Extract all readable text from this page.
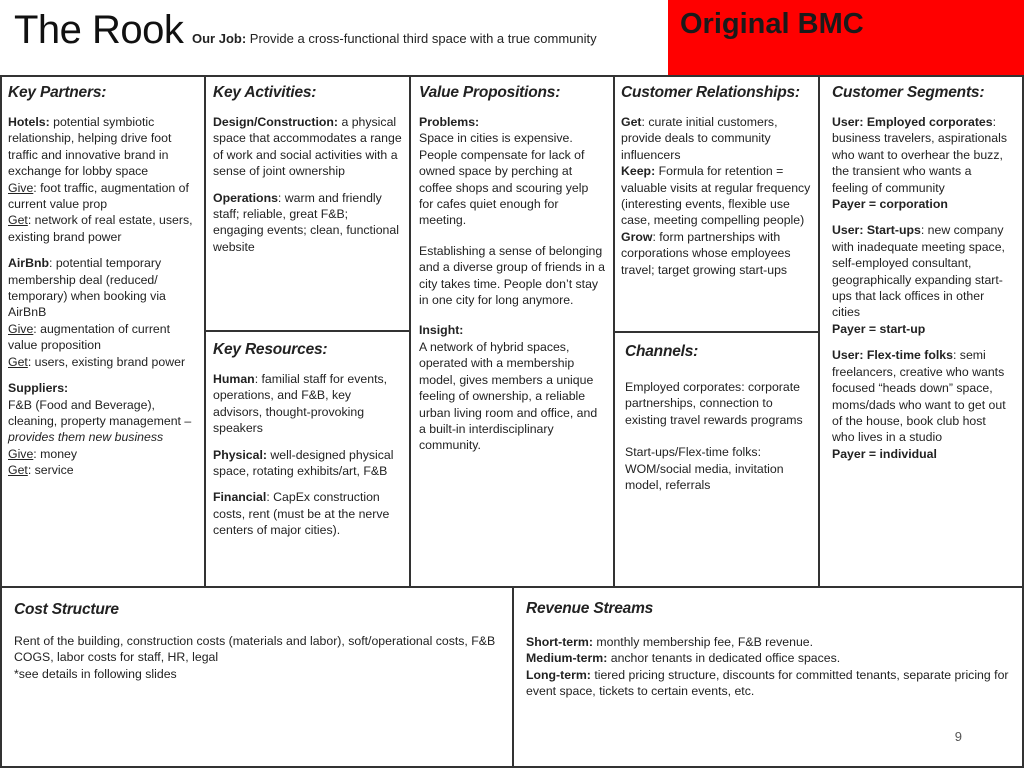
The Rook Our Job: Provide a cross-functional third space with a true community	Original BMC
Key Partners:

Hotels: potential symbiotic relationship, helping drive foot traffic and innovative brand in exchange for lobby space
Give: foot traffic, augmentation of current value prop
Get: network of real estate, users, existing brand power

AirBnb: potential temporary membership deal (reduced/ temporary) when booking via AirBnB
Give: augmentation of current value proposition
Get: users, existing brand power

Suppliers:
F&B (Food and Beverage), cleaning, property management – provides them new business
Give: money
Get: service

Key Activities:

Design/Construction: a physical space that accommodates a range of work and social activities with a sense of joint ownership

Operations: warm and friendly staff; reliable, great F&B; engaging events; clean, functional website

Key Resources:

Human: familial staff for events, operations, and F&B, key advisors, thought-provoking speakers

Physical: well-designed physical space, rotating exhibits/art, F&B

Financial: CapEx construction costs, rent (must be at the nerve centers of major cities).

Value Propositions:

Problems:
Space in cities is expensive. People compensate for lack of owned space by perching at coffee shops and scouring yelp for cafes quiet enough for meeting.

Establishing a sense of belonging and a diverse group of friends in a city takes time. People don’t stay in one city for long anymore.

Insight:
A network of hybrid spaces, operated with a membership model, gives members a unique feeling of ownership, a reliable urban living room and office, and a built-in interdisciplinary community.

Customer Relationships:
Get: curate initial customers, provide deals to community influencers
Keep: Formula for retention = valuable visits at regular frequency (interesting events, flexible use case, meeting compelling people)
Grow: form partnerships with corporations whose employees travel; target growing start-ups
Channels:

Employed corporates: corporate partnerships, connection to existing travel rewards programs

Start-ups/Flex-time folks: WOM/social media, invitation model, referrals

Customer Segments:

User: Employed corporates: business travelers, aspirationals who want to overhear the buzz, the transient who wants a feeling of community
Payer = corporation

User: Start-ups: new company with inadequate meeting space, self-employed consultant, geographically expanding start-ups that lack offices in other cities
Payer = start-up

User: Flex-time folks: semi freelancers, creative who wants focused “heads down” space, moms/dads who want to get out of the house, book club host who lives in a studio
Payer = individual

Cost Structure
Rent of the building, construction costs (materials and labor), soft/operational costs, F&B COGS, labor costs for staff, HR, legal
*see details in following slides
Revenue Streams
Short-term: monthly membership fee, F&B revenue.
Medium-term: anchor tenants in dedicated office spaces.
Long-term: tiered pricing structure, discounts for committed tenants, separate pricing for event space, tickets to certain events, etc.
9
